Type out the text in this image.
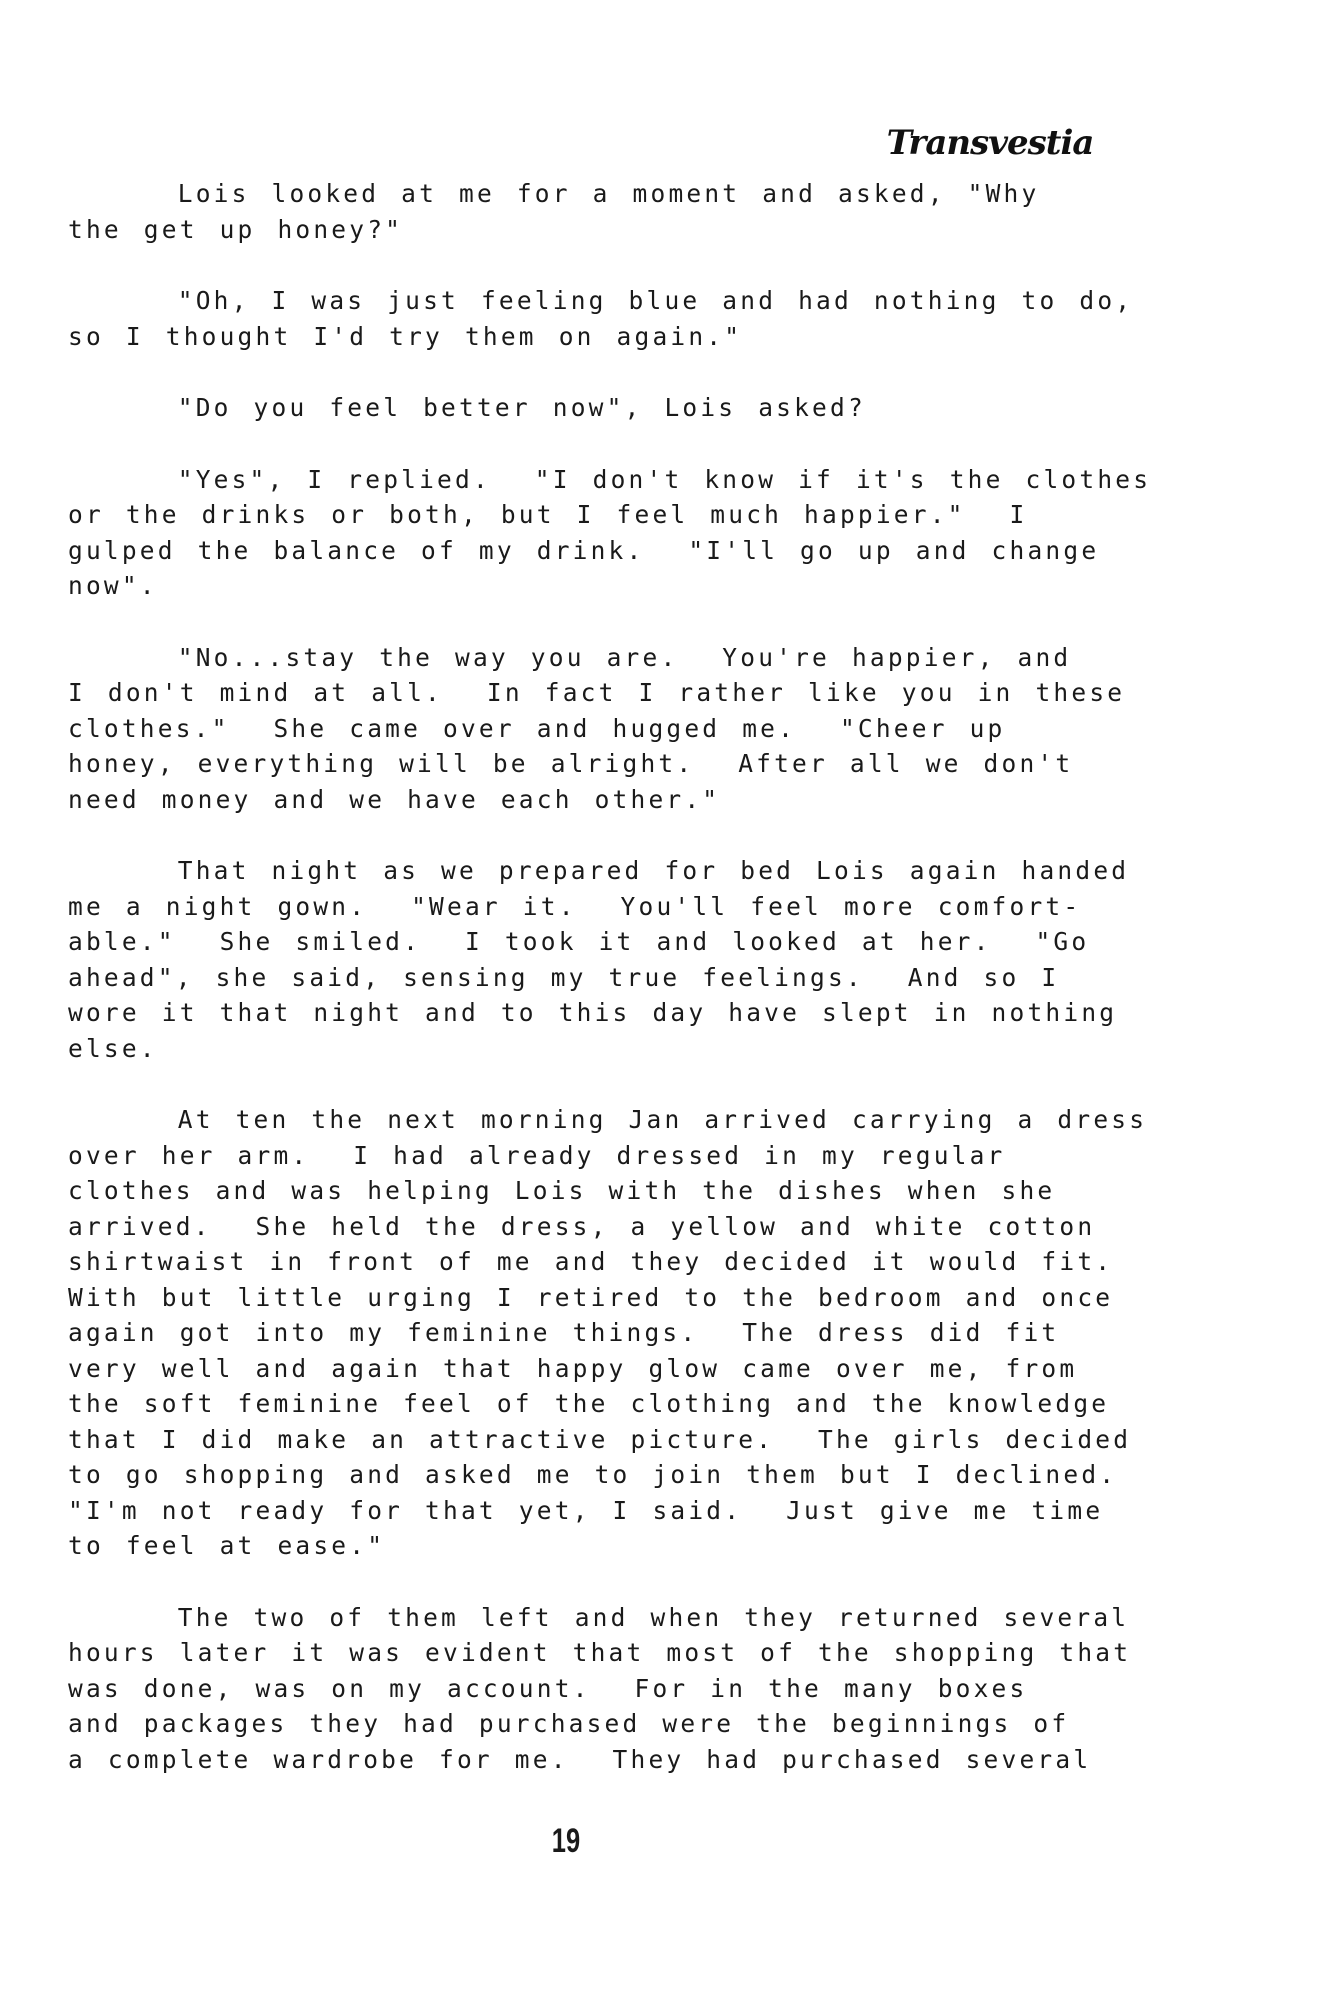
Transvestia
Lois looked at me for a moment and asked, "Why
the get up honey?"
"Oh, I was just feeling blue and had nothing to do,
so I thought I'd try them on again."
"Do you feel better now", Lois asked?
"Yes", I replied.  "I don't know if it's the clothes
or the drinks or both, but I feel much happier."  I
gulped the balance of my drink.  "I'll go up and change
now".
"No...stay the way you are.  You're happier, and
I don't mind at all.  In fact I rather like you in these
clothes."  She came over and hugged me.  "Cheer up
honey, everything will be alright.  After all we don't
need money and we have each other."
That night as we prepared for bed Lois again handed
me a night gown.  "Wear it.  You'll feel more comfort-
able."  She smiled.  I took it and looked at her.  "Go
ahead", she said, sensing my true feelings.  And so I
wore it that night and to this day have slept in nothing
else.
At ten the next morning Jan arrived carrying a dress
over her arm.  I had already dressed in my regular
clothes and was helping Lois with the dishes when she
arrived.  She held the dress, a yellow and white cotton
shirtwaist in front of me and they decided it would fit.
With but little urging I retired to the bedroom and once
again got into my feminine things.  The dress did fit
very well and again that happy glow came over me, from
the soft feminine feel of the clothing and the knowledge
that I did make an attractive picture.  The girls decided
to go shopping and asked me to join them but I declined.
"I'm not ready for that yet, I said.  Just give me time
to feel at ease."
The two of them left and when they returned several
hours later it was evident that most of the shopping that
was done, was on my account.  For in the many boxes
and packages they had purchased were the beginnings of
a complete wardrobe for me.  They had purchased several
19
